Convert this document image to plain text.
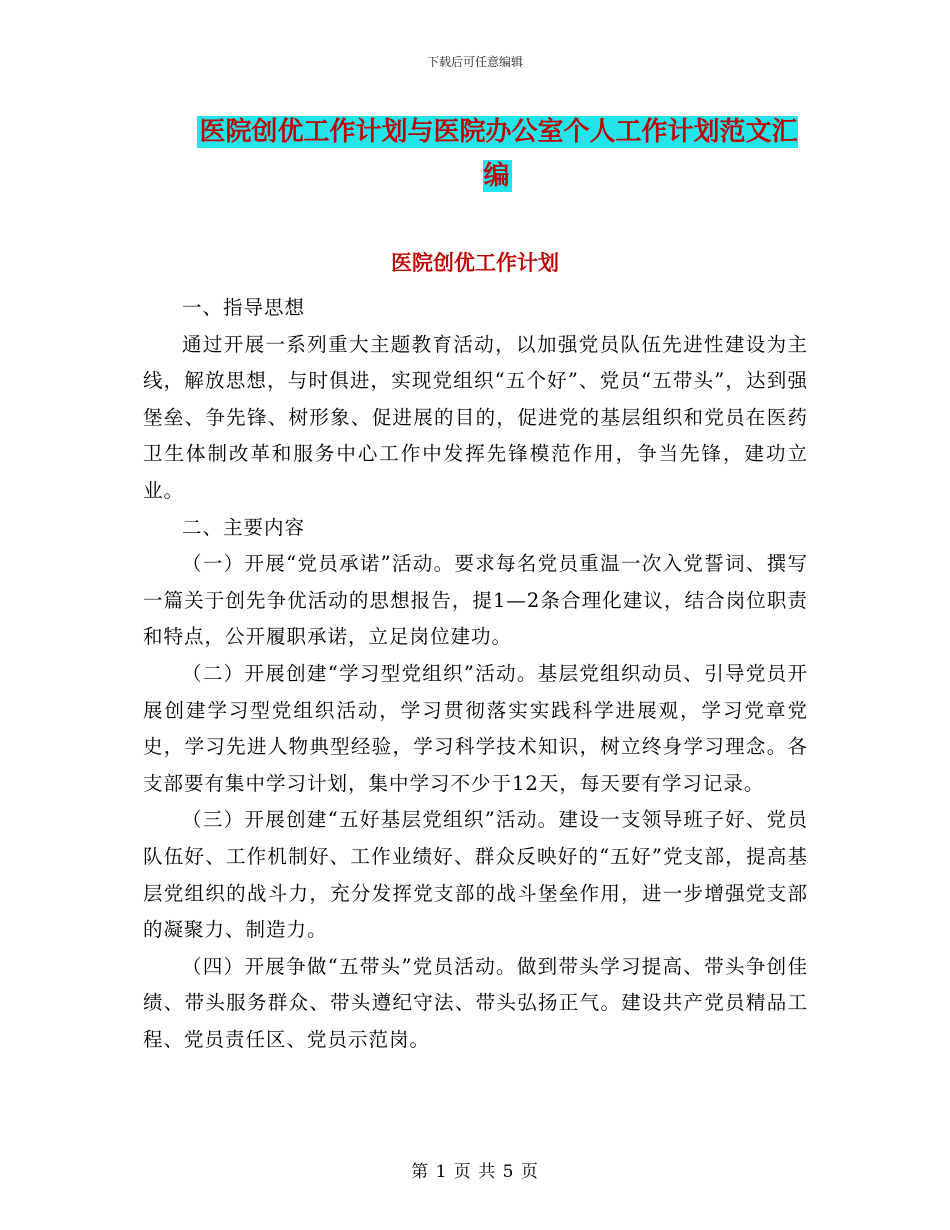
下载后可任意编辑
医院创优工作计划与医院办公室个人工作计划范文汇编
医院创优工作计划

一、指导思想

通过开展一系列重大主题教育活动，以加强党员队伍先进性建设为主线，解放思想，与时俱进，实现党组织“五个好”、党员“五带头”，达到强堡垒、争先锋、树形象、促进展的目的，促进党的基层组织和党员在医药卫生体制改革和服务中心工作中发挥先锋模范作用，争当先锋，建功立业。

二、主要内容

（一）开展“党员承诺”活动。要求每名党员重温一次入党誓词、撰写一篇关于创先争优活动的思想报告，提1—2条合理化建议，结合岗位职责和特点，公开履职承诺，立足岗位建功。

（二）开展创建“学习型党组织”活动。基层党组织动员、引导党员开展创建学习型党组织活动，学习贯彻落实实践科学进展观，学习党章党史，学习先进人物典型经验，学习科学技术知识，树立终身学习理念。各支部要有集中学习计划，集中学习不少于12天，每天要有学习记录。

（三）开展创建“五好基层党组织”活动。建设一支领导班子好、党员队伍好、工作机制好、工作业绩好、群众反映好的“五好”党支部，提高基层党组织的战斗力，充分发挥党支部的战斗堡垒作用，进一步增强党支部的凝聚力、制造力。

（四）开展争做“五带头”党员活动。做到带头学习提高、带头争创佳绩、带头服务群众、带头遵纪守法、带头弘扬正气。建设共产党员精品工程、党员责任区、党员示范岗。

第 1 页 共 5 页
